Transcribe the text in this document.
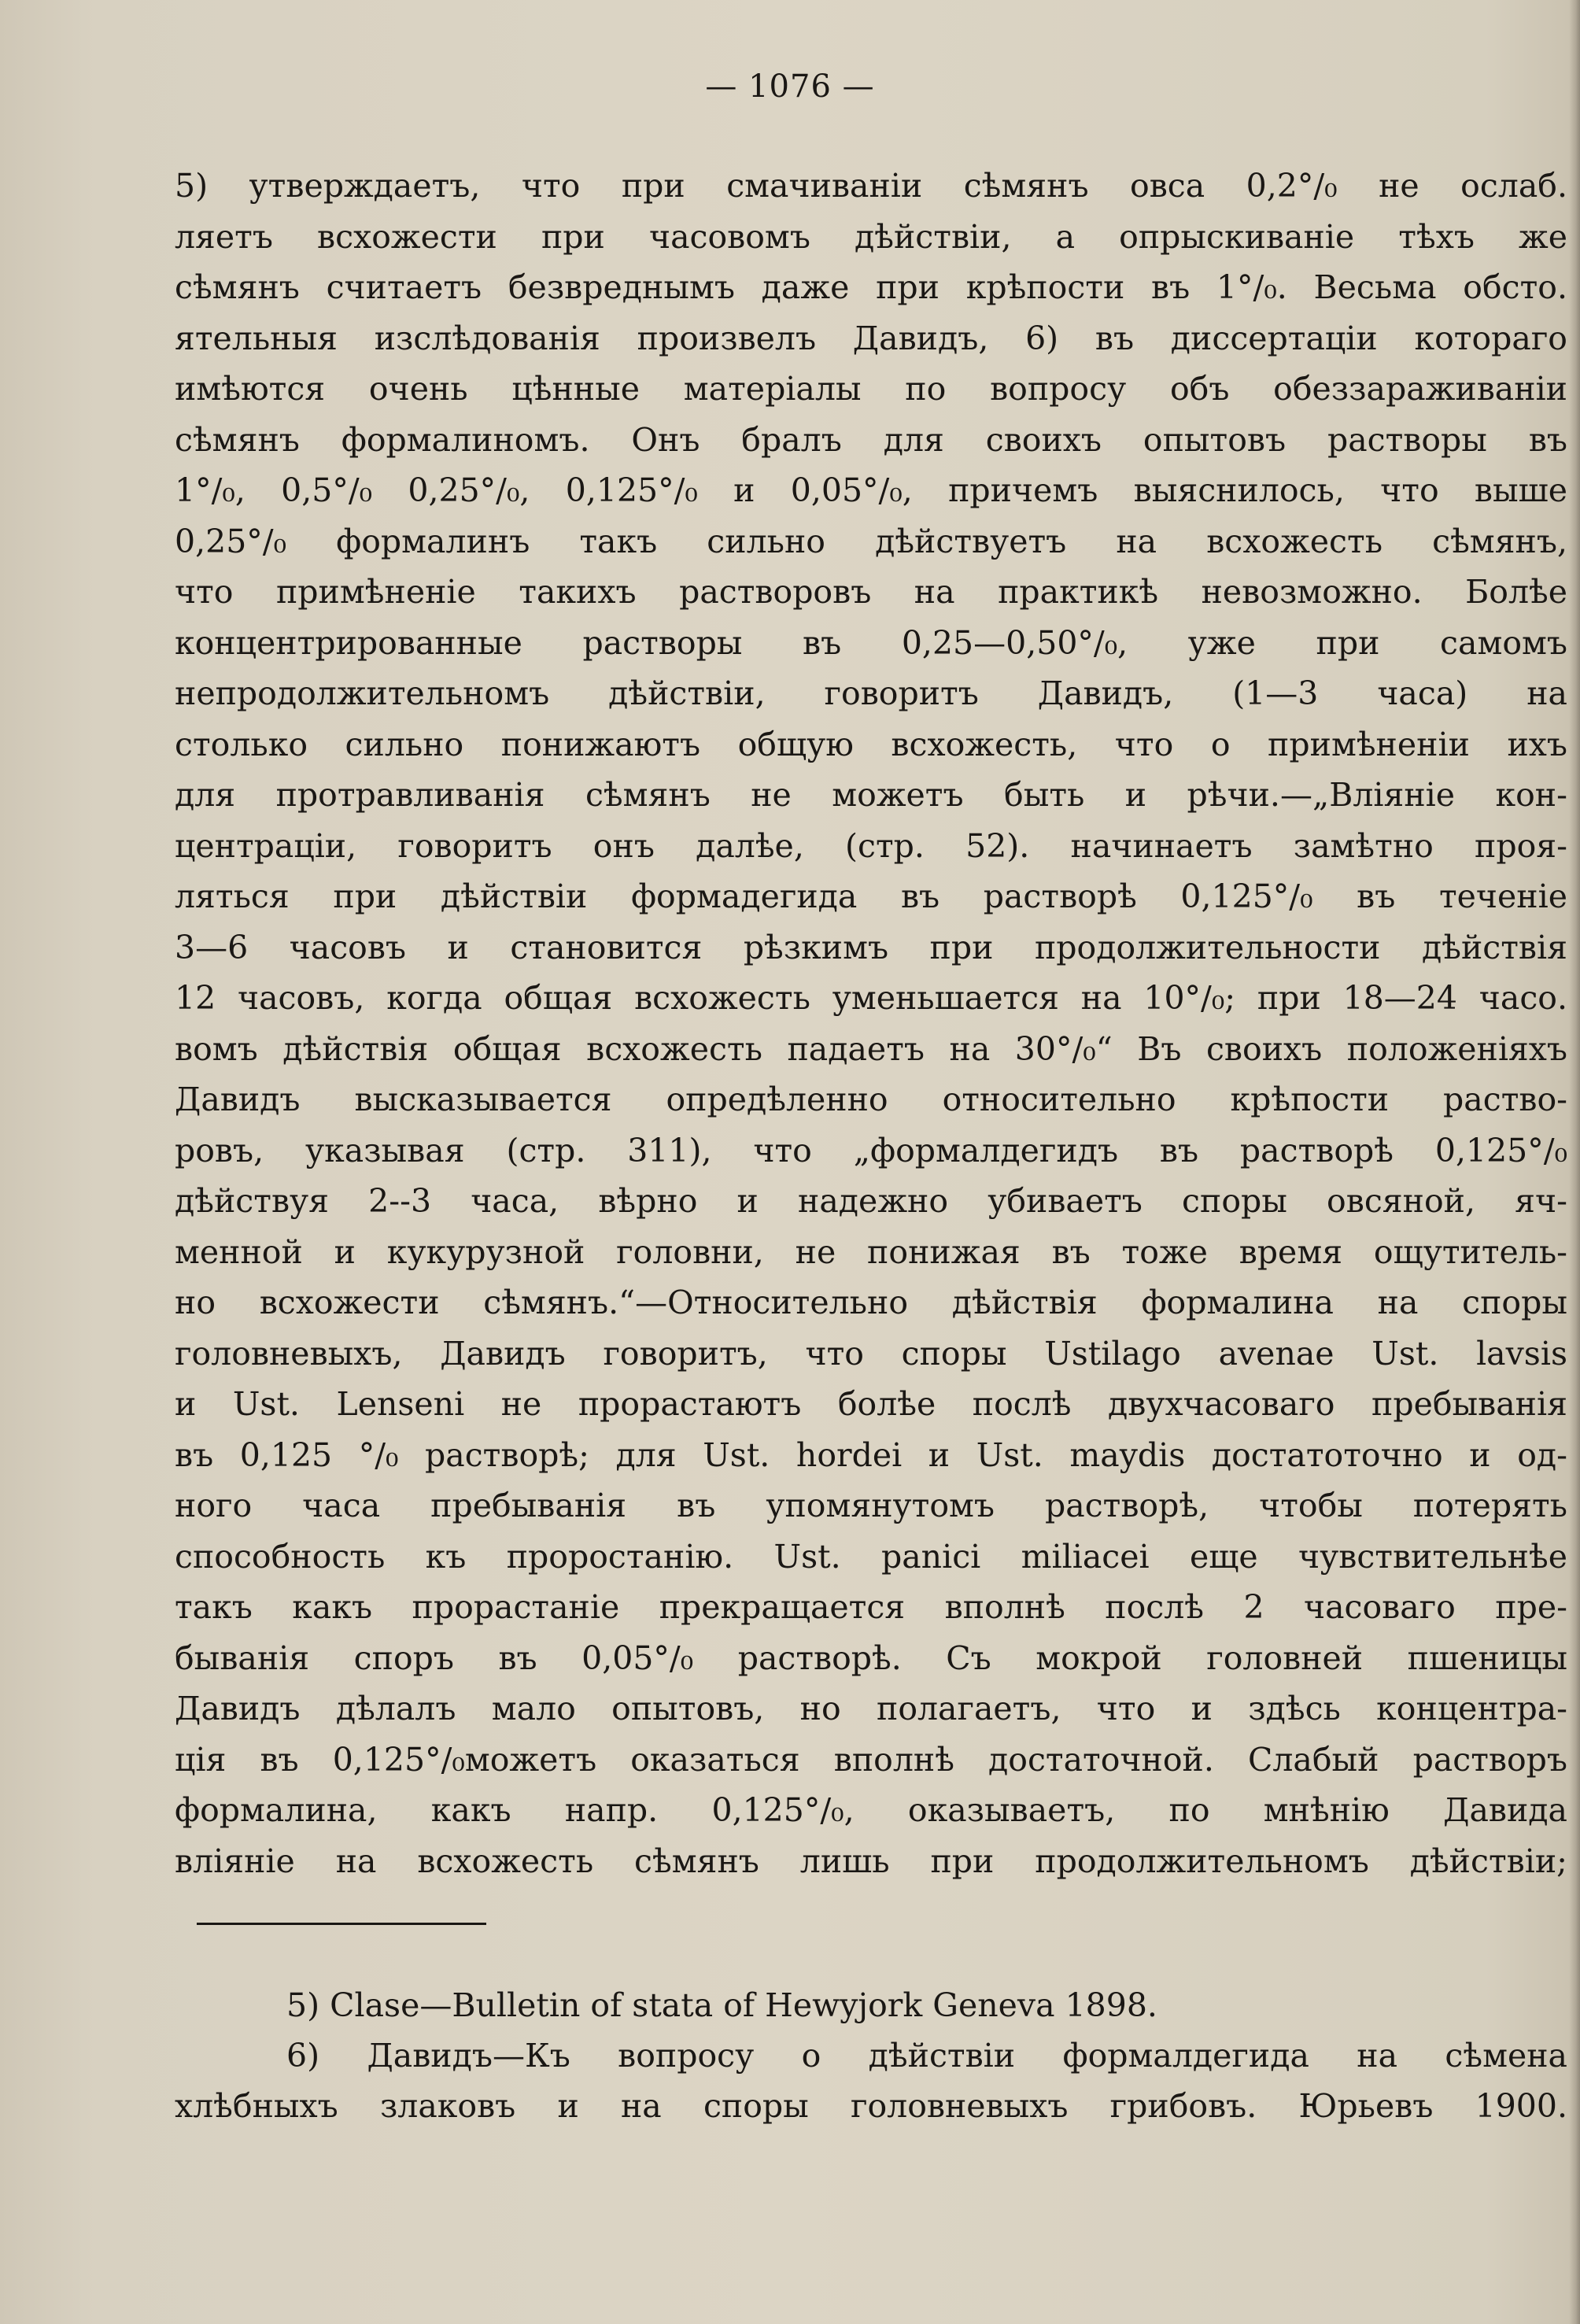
— 1076 —
5) утверждаетъ, что при смачиваніи сѣмянъ овса 0,2°/₀ не ослаб.
ляетъ всхожести при часовомъ дѣйствіи, а опрыскиваніе тѣхъ же
сѣмянъ считаетъ безвреднымъ даже при крѣпости въ 1°/₀. Весьма обсто.
ятельныя изслѣдованія произвелъ Давидъ, 6) въ диссертаціи котораго
имѣются очень цѣнные матеріалы по вопросу объ обеззараживаніи
сѣмянъ формалиномъ. Онъ бралъ для своихъ опытовъ растворы въ
1°/₀, 0,5°/₀ 0,25°/₀, 0,125°/₀ и 0,05°/₀, причемъ выяснилось, что выше
0,25°/₀ формалинъ такъ сильно дѣйствуетъ на всхожесть сѣмянъ,
что примѣненіе такихъ растворовъ на практикѣ невозможно. Болѣе
концентрированные растворы въ 0,25—0,50°/₀, уже при самомъ
непродолжительномъ дѣйствіи, говоритъ Давидъ, (1—3 часа) на
столько сильно понижаютъ общую всхожесть, что о примѣненіи ихъ
для протравливанія сѣмянъ не можетъ быть и рѣчи.—„Вліяніе кон-
центраціи, говоритъ онъ далѣе, (стр. 52). начинаетъ замѣтно проя-
ляться при дѣйствіи формадегида въ растворѣ 0,125°/₀ въ теченіе
3—6 часовъ и становится рѣзкимъ при продолжительности дѣйствія
12 часовъ, когда общая всхожесть уменьшается на 10°/₀; при 18—24 часо.
вомъ дѣйствія общая всхожесть падаетъ на 30°/₀“ Въ своихъ положеніяхъ
Давидъ высказывается опредѣленно относительно крѣпости раство-
ровъ, указывая (стр. 311), что „формалдегидъ въ растворѣ 0,125°/₀
дѣйствуя 2--3 часа, вѣрно и надежно убиваетъ споры овсяной, яч-
менной и кукурузной головни, не понижая въ тоже время ощутитель-
но всхожести сѣмянъ.“—Относительно дѣйствія формалина на споры
головневыхъ, Давидъ говоритъ, что споры Ustilago avenae Ust. lavsis
и Ust. Lenseni не прорастаютъ болѣе послѣ двухчасоваго пребыванія
въ 0,125 °/₀ растворѣ; для Ust. hordei и Ust. maydis достатоточно и од-
ного часа пребыванія въ упомянутомъ растворѣ, чтобы потерять
способность къ проростанію. Ust. panici miliacei еще чувствительнѣе
такъ какъ прорастаніе прекращается вполнѣ послѣ 2 часоваго пре-
быванія споръ въ 0,05°/₀ растворѣ. Съ мокрой головней пшеницы
Давидъ дѣлалъ мало опытовъ, но полагаетъ, что и здѣсь концентра-
ція въ 0,125°/₀можетъ оказаться вполнѣ достаточной. Слабый растворъ
формалина, какъ напр. 0,125°/₀, оказываетъ, по мнѣнію Давида
вліяніе на всхожесть сѣмянъ лишь при продолжительномъ дѣйствіи;
5) Clase—Bulletin of stata of Hewyjork Geneva 1898.
6) Давидъ—Къ вопросу о дѣйствіи формалдегида на сѣмена
хлѣбныхъ злаковъ и на споры головневыхъ грибовъ. Юрьевъ 1900.
